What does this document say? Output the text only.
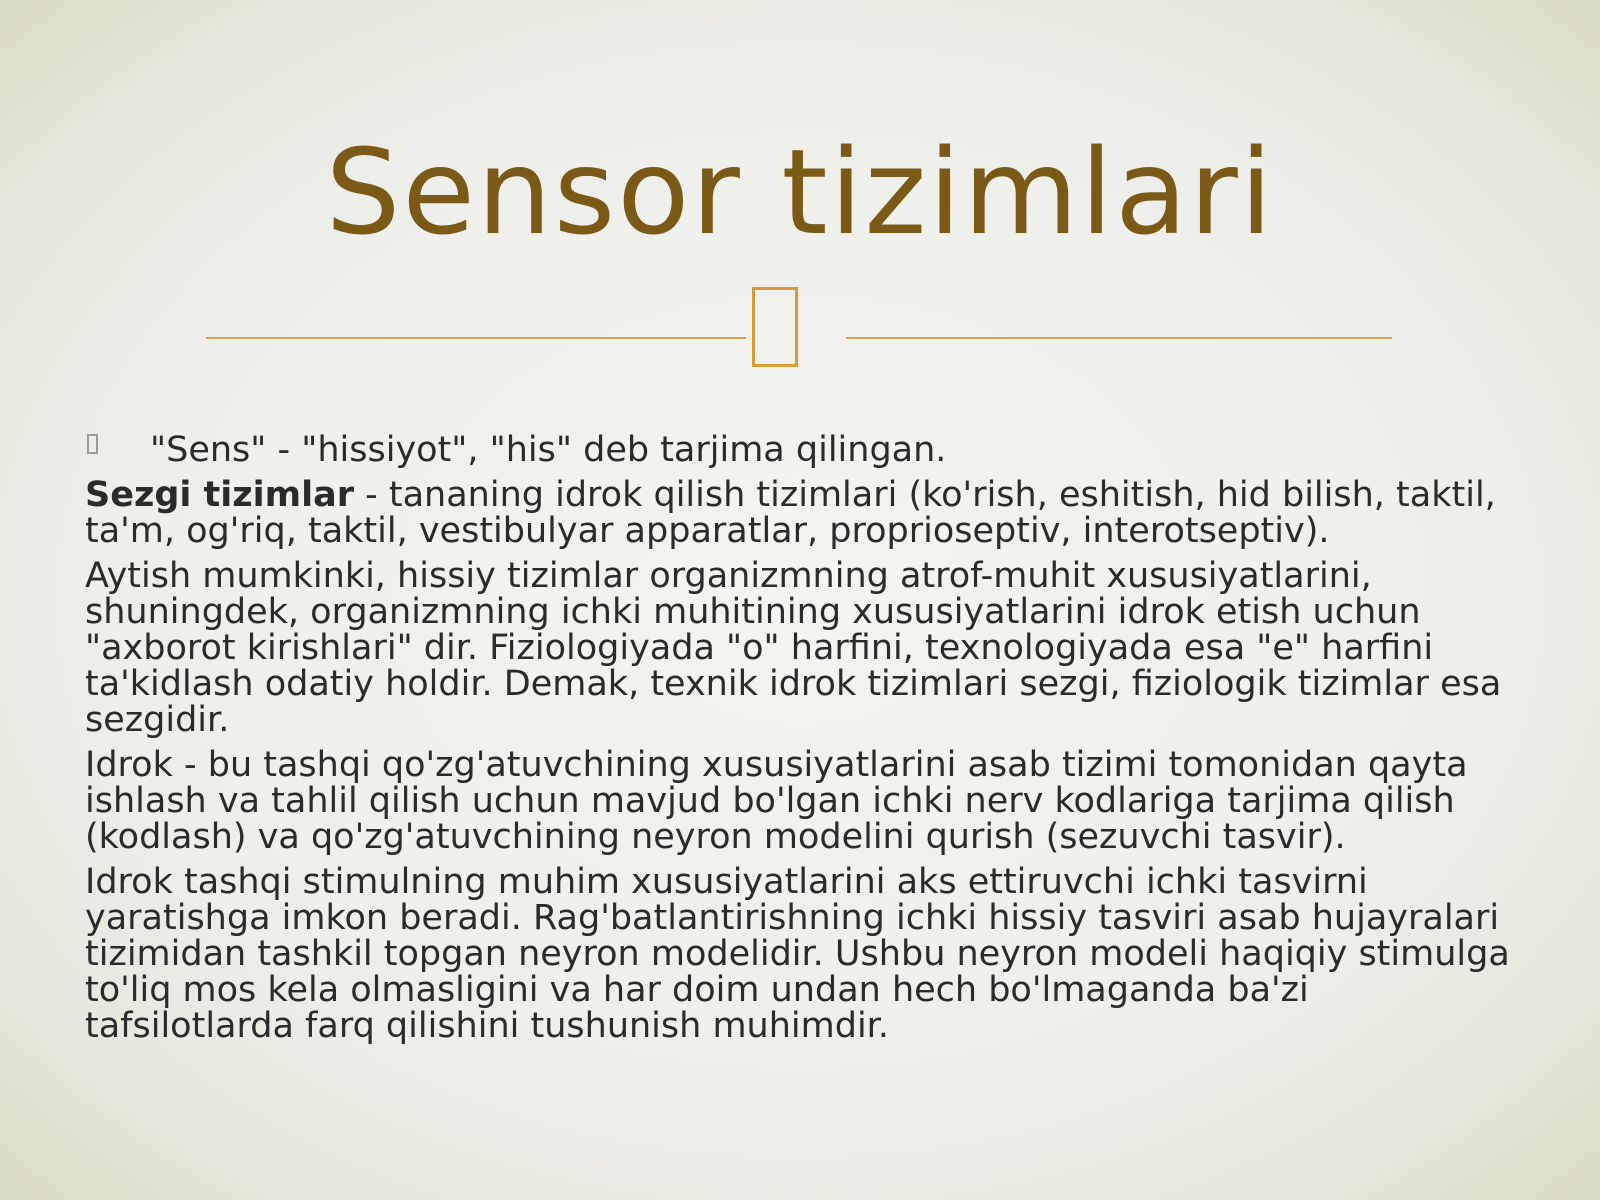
Sensor tizimlari

"Sens" - "hissiyot", "his" deb tarjima qilingan.

Sezgi tizimlar - tananing idrok qilish tizimlari (ko'rish, eshitish, hid bilish, taktil, ta'm, og'riq, taktil, vestibulyar apparatlar, proprioseptiv, interotseptiv).

Aytish mumkinki, hissiy tizimlar organizmning atrof-muhit xususiyatlarini, shuningdek, organizmning ichki muhitining xususiyatlarini idrok etish uchun "axborot kirishlari" dir. Fiziologiyada "o" harfini, texnologiyada esa "e" harfini ta'kidlash odatiy holdir. Demak, texnik idrok tizimlari sezgi, fiziologik tizimlar esa sezgidir.

Idrok - bu tashqi qo'zg'atuvchining xususiyatlarini asab tizimi tomonidan qayta ishlash va tahlil qilish uchun mavjud bo'lgan ichki nerv kodlariga tarjima qilish (kodlash) va qo'zg'atuvchining neyron modelini qurish (sezuvchi tasvir).

Idrok tashqi stimulning muhim xususiyatlarini aks ettiruvchi ichki tasvirni yaratishga imkon beradi. Rag'batlantirishning ichki hissiy tasviri asab hujayralari tizimidan tashkil topgan neyron modelidir. Ushbu neyron modeli haqiqiy stimulga to'liq mos kela olmasligini va har doim undan hech bo'lmaganda ba'zi tafsilotlarda farq qilishini tushunish muhimdir.
